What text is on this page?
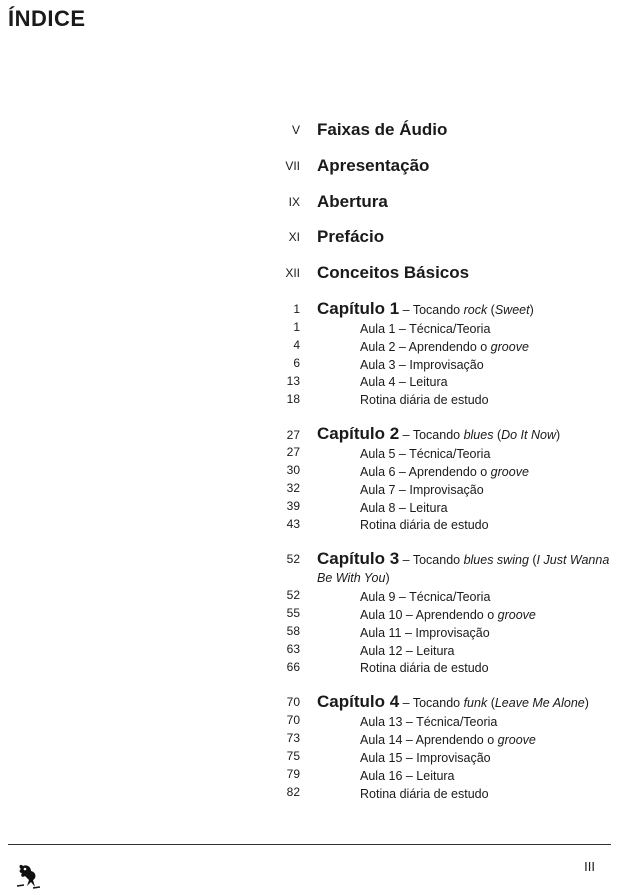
ÍNDICE
V Faixas de Áudio
VII Apresentação
IX Abertura
XI Prefácio
XII Conceitos Básicos
1 Capítulo 1 – Tocando rock (Sweet)
1	Aula 1 – Técnica/Teoria
4	Aula 2 – Aprendendo o groove
6	Aula 3 – Improvisação
13	Aula 4 – Leitura
18	Rotina diária de estudo
27 Capítulo 2 – Tocando blues (Do It Now)
27	Aula 5 – Técnica/Teoria
30	Aula 6 – Aprendendo o groove
32	Aula 7 – Improvisação
39	Aula 8 – Leitura
43	Rotina diária de estudo
52 Capítulo 3 – Tocando blues swing (I Just Wanna Be With You)
52	Aula 9 – Técnica/Teoria
55	Aula 10 – Aprendendo o groove
58	Aula 11 – Improvisação
63	Aula 12 – Leitura
66	Rotina diária de estudo
70 Capítulo 4 – Tocando funk (Leave Me Alone)
70	Aula 13 – Técnica/Teoria
73	Aula 14 – Aprendendo o groove
75	Aula 15 – Improvisação
79	Aula 16 – Leitura
82	Rotina diária de estudo
III
